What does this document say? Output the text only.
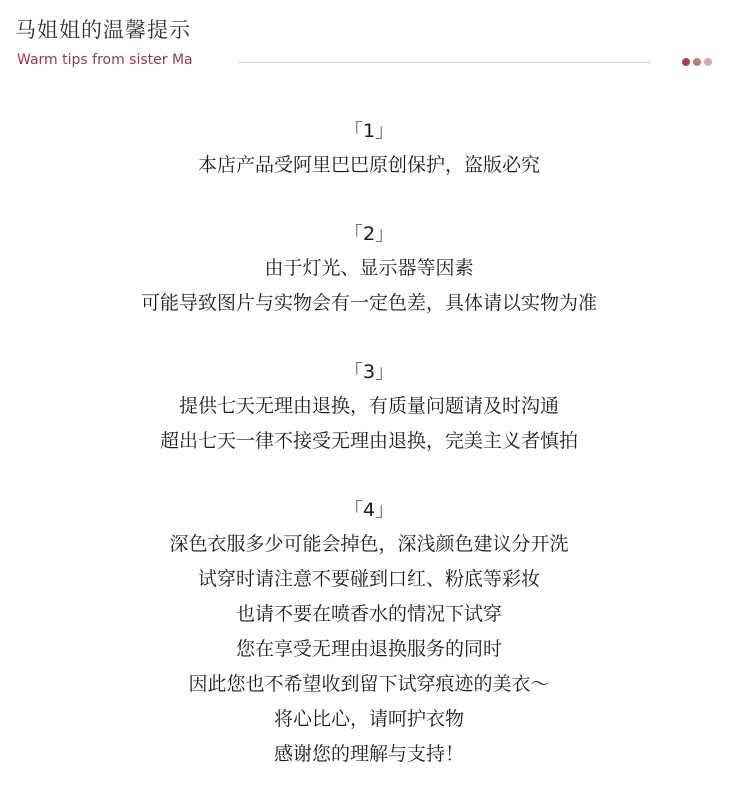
马姐姐的温馨提示
Warm tips from sister Ma
「1」
本店产品受阿里巴巴原创保护，盗版必究
「2」
由于灯光、显示器等因素
可能导致图片与实物会有一定色差，具体请以实物为准
「3」
提供七天无理由退换，有质量问题请及时沟通
超出七天一律不接受无理由退换，完美主义者慎拍
「4」
深色衣服多少可能会掉色，深浅颜色建议分开洗
试穿时请注意不要碰到口红、粉底等彩妆
也请不要在喷香水的情况下试穿
您在享受无理由退换服务的同时
因此您也不希望收到留下试穿痕迹的美衣～
将心比心，请呵护衣物
感谢您的理解与支持！
